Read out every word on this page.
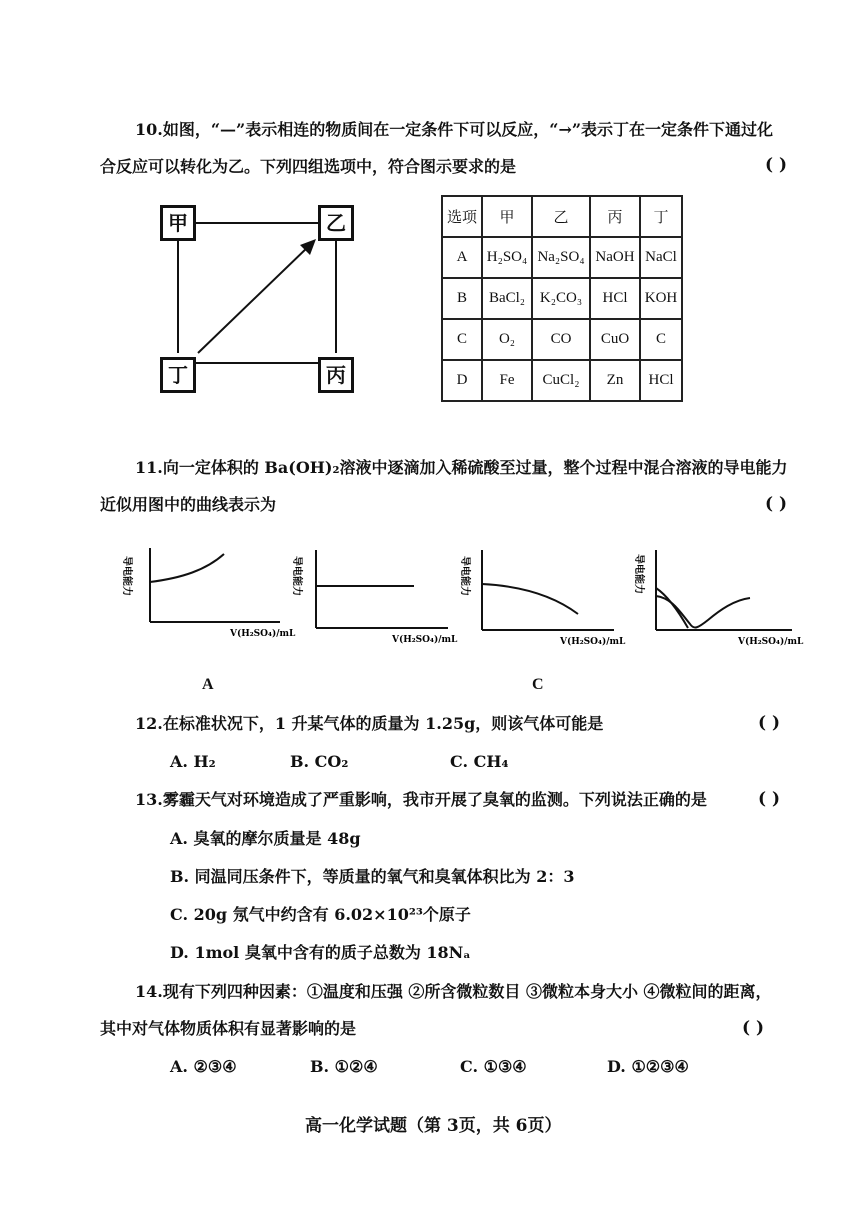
10.如图，“—”表示相连的物质间在一定条件下可以反应，“→”表示丁在一定条件下通过化
合反应可以转化为乙。下列四组选项中，符合图示要求的是	( )
甲	乙
丁	丙
选项	甲	乙	丙	丁
A	H₂SO₄	Na₂SO₄	NaOH	NaCl
B	BaCl₂	K₂CO₃	HCl	KOH
C	O₂	CO	CuO	C
D	Fe	CuCl₂	Zn	HCl
11.向一定体积的 Ba(OH)₂溶液中逐滴加入稀硫酸至过量，整个过程中混合溶液的导电能力
近似用图中的曲线表示为	( )
导电能力
V(H₂SO₄)/mL
导电能力
V(H₂SO₄)/mL
导电能力
V(H₂SO₄)/mL
导电能力
V(H₂SO₄)/mL
A	C
12.在标准状况下，1 升某气体的质量为 1.25g，则该气体可能是	( )
A. H₂	B. CO₂	C. CH₄
13.雾霾天气对环境造成了严重影响，我市开展了臭氧的监测。下列说法正确的是	( )
A. 臭氧的摩尔质量是 48g
B. 同温同压条件下，等质量的氧气和臭氧体积比为 2：3
C. 20g 氖气中约含有 6.02×10²³个原子
D. 1mol 臭氧中含有的质子总数为 18Nₐ
14.现有下列四种因素：①温度和压强 ②所含微粒数目 ③微粒本身大小 ④微粒间的距离，
其中对气体物质体积有显著影响的是	( )
A. ②③④	B. ①②④	C. ①③④	D. ①②③④
高一化学试题（第 3页，共 6页）
